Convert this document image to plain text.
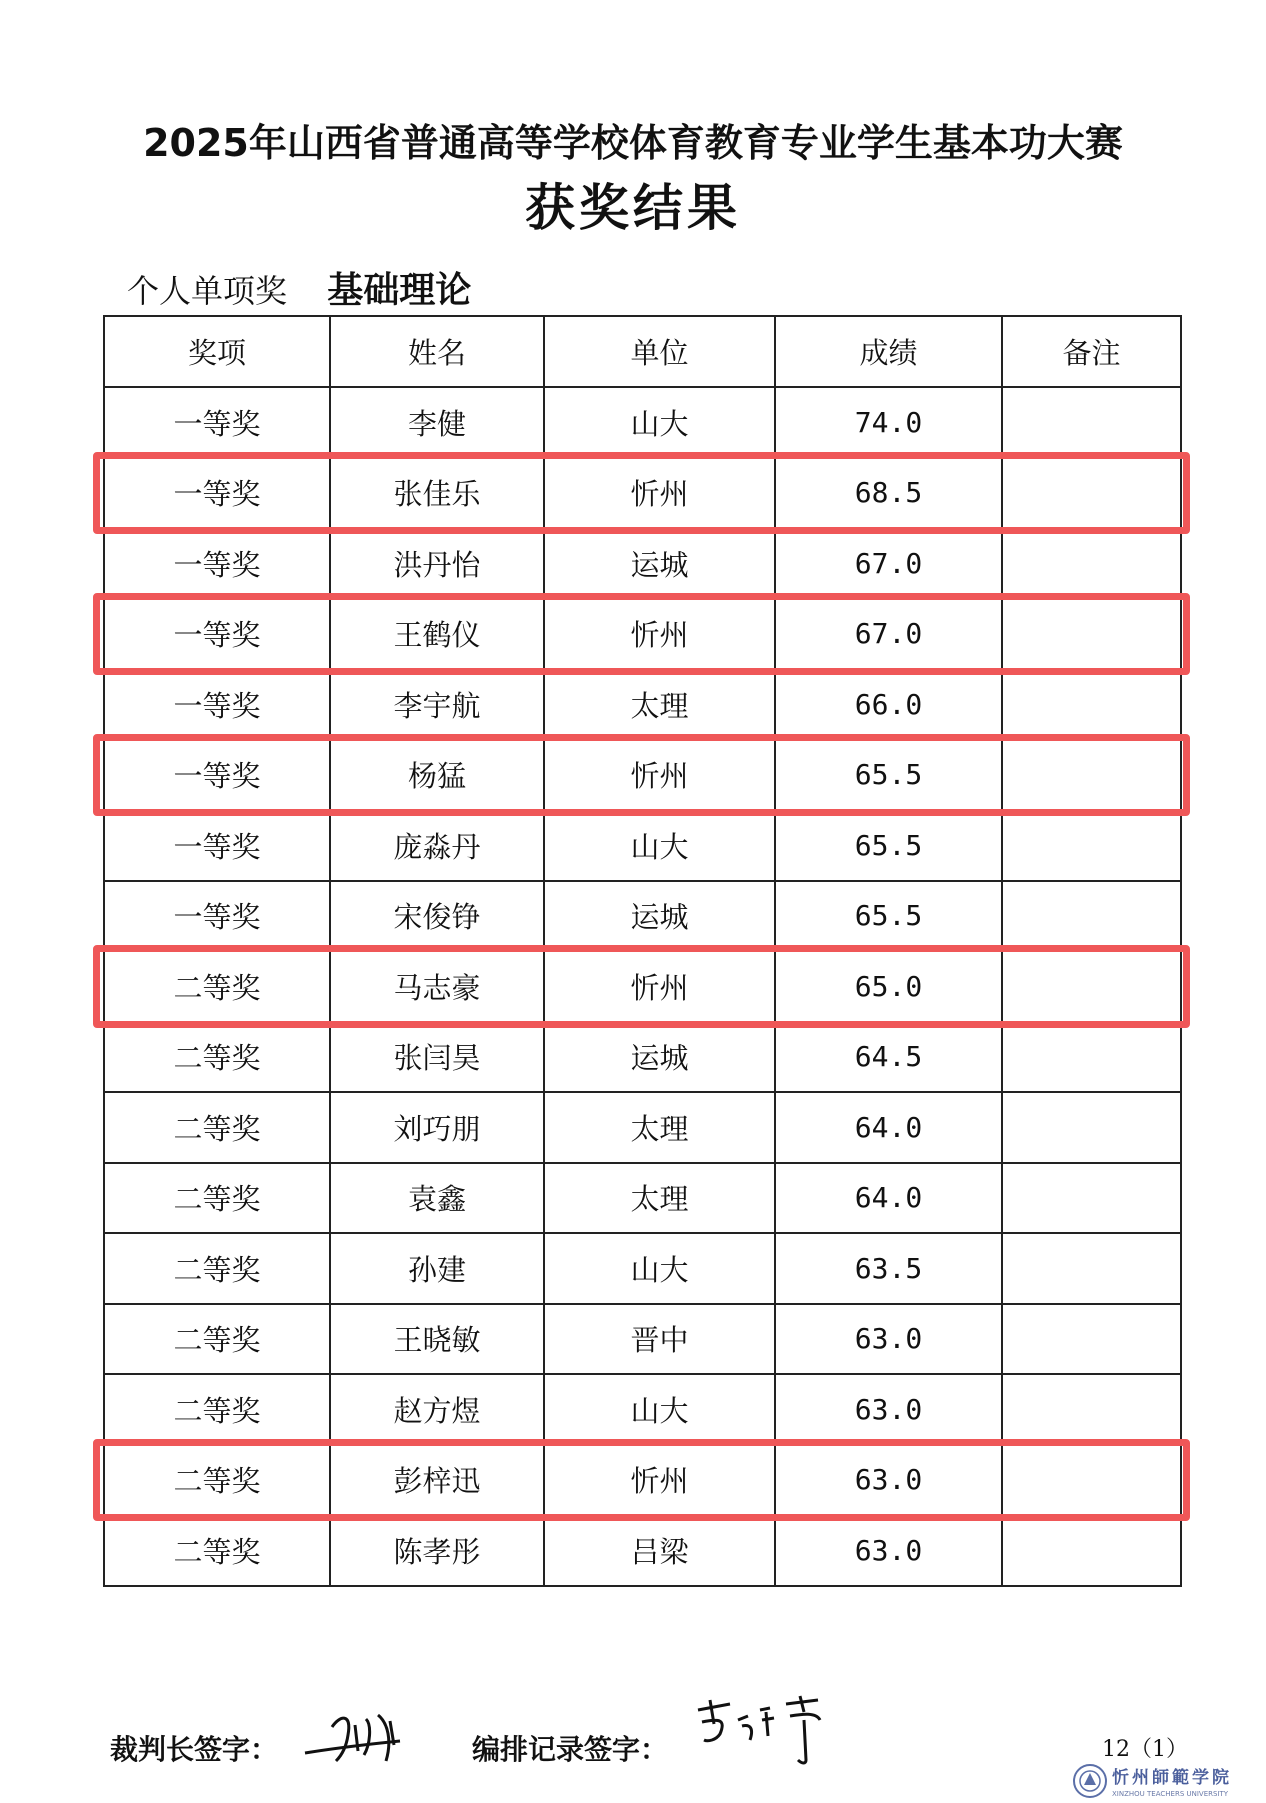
2025年山西省普通高等学校体育教育专业学生基本功大赛
获奖结果
个人单项奖 基础理论
奖项	姓名	单位	成绩	备注
一等奖	李健	山大	74.0	
一等奖	张佳乐	忻州	68.5	
一等奖	洪丹怡	运城	67.0	
一等奖	王鹤仪	忻州	67.0	
一等奖	李宇航	太理	66.0	
一等奖	杨猛	忻州	65.5	
一等奖	庞淼丹	山大	65.5	
一等奖	宋俊铮	运城	65.5	
二等奖	马志豪	忻州	65.0	
二等奖	张闫昊	运城	64.5	
二等奖	刘巧朋	太理	64.0	
二等奖	袁鑫	太理	64.0	
二等奖	孙建	山大	63.5	
二等奖	王晓敏	晋中	63.0	
二等奖	赵方煜	山大	63.0	
二等奖	彭梓迅	忻州	63.0	
二等奖	陈孝彤	吕梁	63.0	
裁判长签字：	编排记录签字：	12（1）
忻州師範学院
XINZHOU TEACHERS UNIVERSITY
